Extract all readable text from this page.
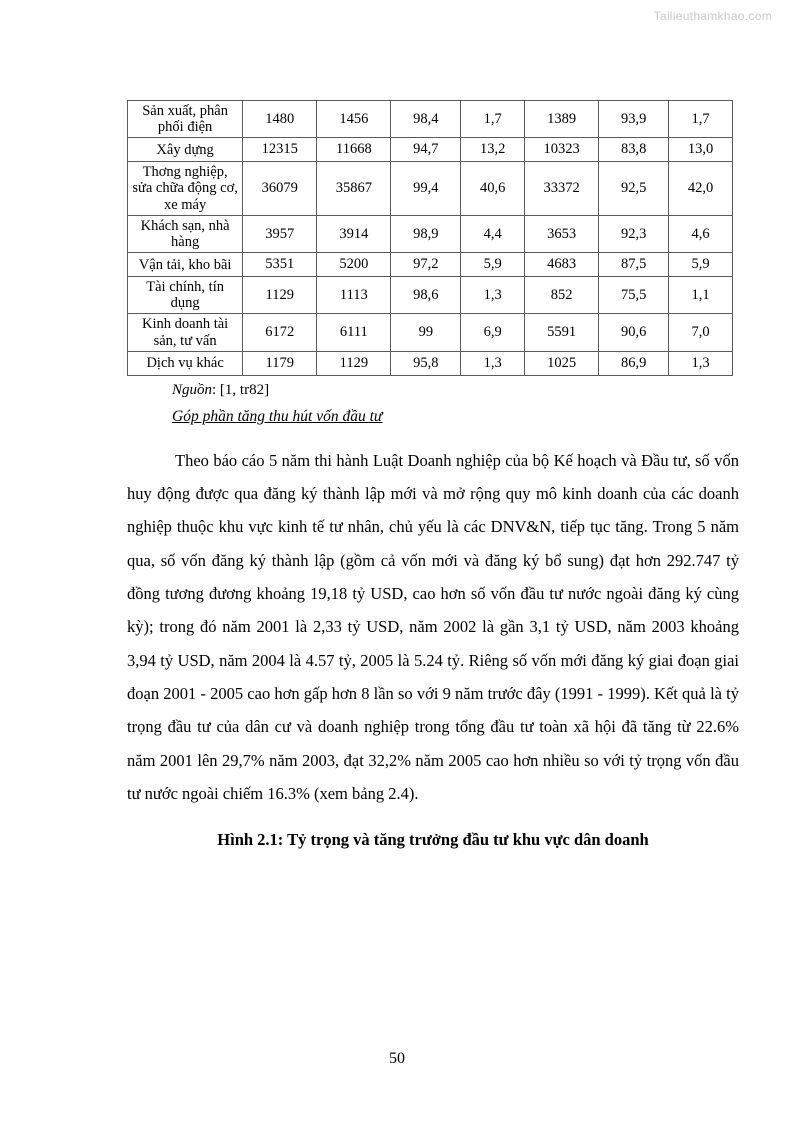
Tailieuthamkhao.com
Sản xuất, phân phối điện	1480	1456	98,4	1,7	1389	93,9	1,7
Xây dựng	12315	11668	94,7	13,2	10323	83,8	13,0
Thơng nghiệp, sửa chữa động cơ, xe máy	36079	35867	99,4	40,6	33372	92,5	42,0
Khách sạn, nhà hàng	3957	3914	98,9	4,4	3653	92,3	4,6
Vận tải, kho bãi	5351	5200	97,2	5,9	4683	87,5	5,9
Tài chính, tín dụng	1129	1113	98,6	1,3	852	75,5	1,1
Kinh doanh tài sản, tư vấn	6172	6111	99	6,9	5591	90,6	7,0
Dịch vụ khác	1179	1129	95,8	1,3	1025	86,9	1,3
Nguồn: [1, tr82]
Góp phần tăng thu hút vốn đầu tư
Theo báo cáo 5 năm thi hành Luật Doanh nghiệp của bộ Kế hoạch và Đầu tư, số vốn huy động được qua đăng ký thành lập mới và mở rộng quy mô kinh doanh của các doanh nghiệp thuộc khu vực kinh tế tư nhân, chủ yếu là các DNV&N, tiếp tục tăng. Trong 5 năm qua, số vốn đăng ký thành lập (gồm cả vốn mới và đăng ký bổ sung) đạt hơn 292.747 tỷ đồng tương đương khoảng 19,18 tỷ USD, cao hơn số vốn đầu tư nước ngoài đăng ký cùng kỳ); trong đó năm 2001 là 2,33 tỷ USD, năm 2002 là gần 3,1 tỷ USD, năm 2003 khoảng 3,94 tỷ USD, năm 2004 là 4.57 tỷ, 2005 là 5.24 tỷ. Riêng số vốn mới đăng ký giai đoạn giai đoạn 2001 - 2005 cao hơn gấp hơn 8 lần so với 9 năm trước đây (1991 - 1999). Kết quả là tỷ trọng đầu tư của dân cư và doanh nghiệp trong tổng đầu tư toàn xã hội đã tăng từ 22.6% năm 2001 lên 29,7% năm 2003, đạt 32,2% năm 2005 cao hơn nhiều so với tỷ trọng vốn đầu tư nước ngoài chiếm 16.3% (xem bảng 2.4).
Hình 2.1: Tỷ trọng và tăng trưởng đầu tư khu vực dân doanh
50
